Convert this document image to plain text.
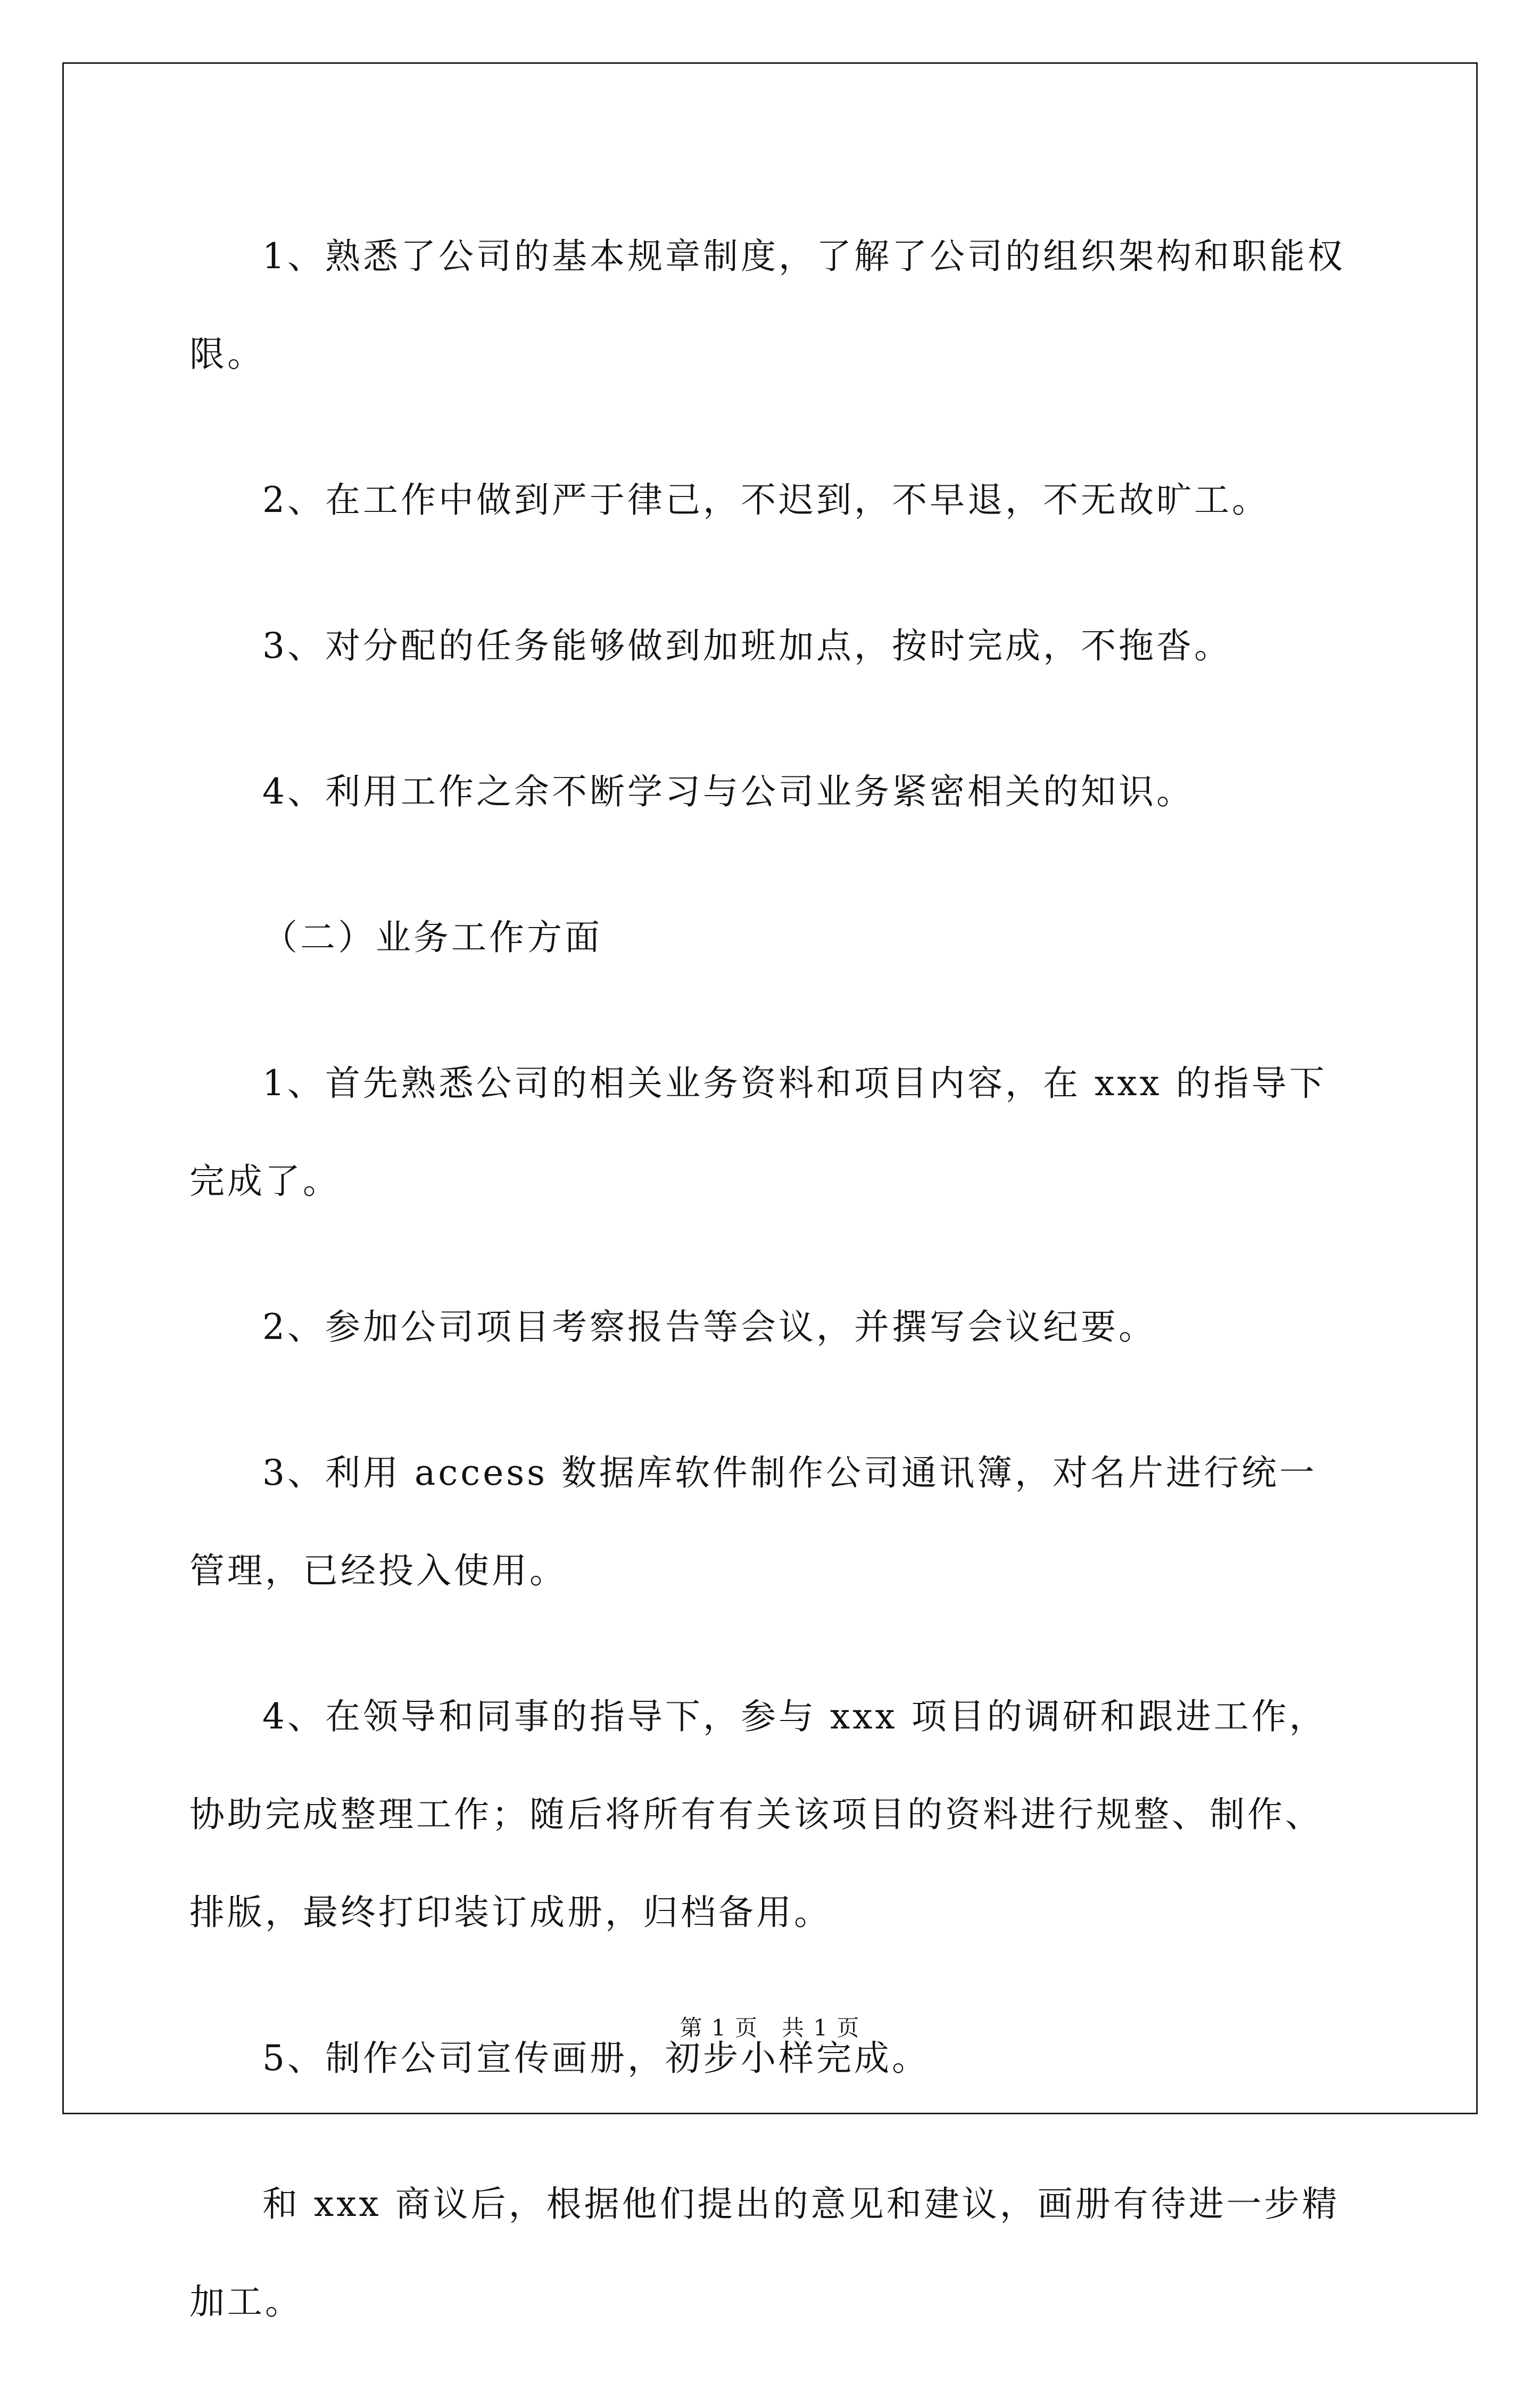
1、熟悉了公司的基本规章制度，了解了公司的组织架构和职能权限。

2、在工作中做到严于律己，不迟到，不早退，不无故旷工。

3、对分配的任务能够做到加班加点，按时完成，不拖沓。

4、利用工作之余不断学习与公司业务紧密相关的知识。

（二）业务工作方面

1、首先熟悉公司的相关业务资料和项目内容，在 xxx 的指导下完成了。

2、参加公司项目考察报告等会议，并撰写会议纪要。

3、利用 access 数据库软件制作公司通讯簿，对名片进行统一管理，已经投入使用。

4、在领导和同事的指导下，参与 xxx 项目的调研和跟进工作，协助完成整理工作；随后将所有有关该项目的资料进行规整、制作、排版，最终打印装订成册，归档备用。

5、制作公司宣传画册，初步小样完成。

和 xxx 商议后，根据他们提出的意见和建议，画册有待进一步精加工。

第 1 页　共 1 页
